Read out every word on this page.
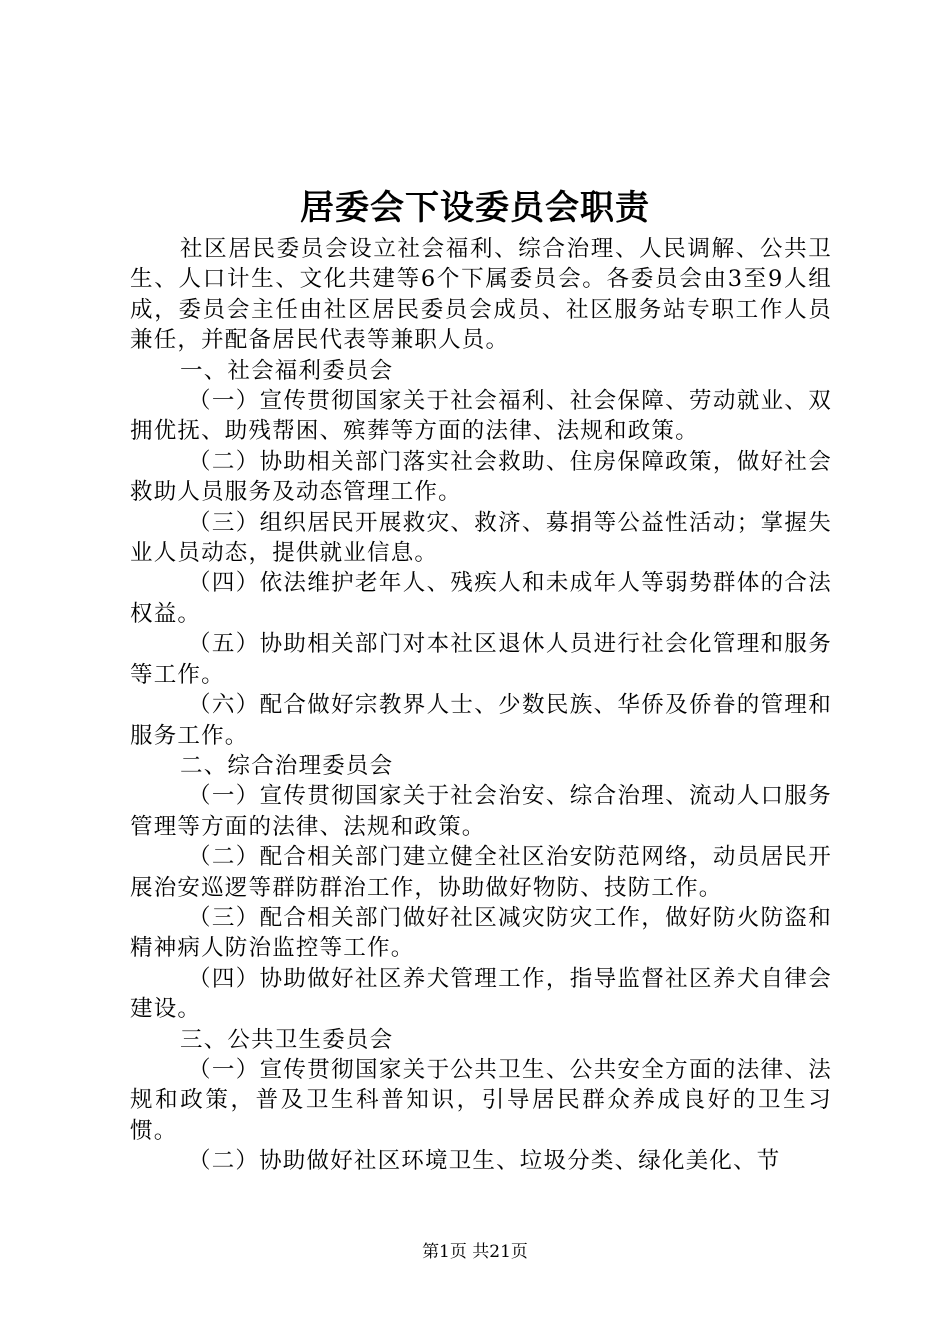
居委会下设委员会职责

社区居民委员会设立社会福利、综合治理、人民调解、公共卫生、人口计生、文化共建等6个下属委员会。各委员会由3至9人组成，委员会主任由社区居民委员会成员、社区服务站专职工作人员兼任，并配备居民代表等兼职人员。

一、社会福利委员会

（一）宣传贯彻国家关于社会福利、社会保障、劳动就业、双拥优抚、助残帮困、殡葬等方面的法律、法规和政策。

（二）协助相关部门落实社会救助、住房保障政策，做好社会救助人员服务及动态管理工作。

（三）组织居民开展救灾、救济、募捐等公益性活动；掌握失业人员动态，提供就业信息。

（四）依法维护老年人、残疾人和未成年人等弱势群体的合法权益。

（五）协助相关部门对本社区退休人员进行社会化管理和服务等工作。

（六）配合做好宗教界人士、少数民族、华侨及侨眷的管理和服务工作。

二、综合治理委员会

（一）宣传贯彻国家关于社会治安、综合治理、流动人口服务管理等方面的法律、法规和政策。

（二）配合相关部门建立健全社区治安防范网络，动员居民开展治安巡逻等群防群治工作，协助做好物防、技防工作。

（三）配合相关部门做好社区减灾防灾工作，做好防火防盗和精神病人防治监控等工作。

（四）协助做好社区养犬管理工作，指导监督社区养犬自律会建设。

三、公共卫生委员会

（一）宣传贯彻国家关于公共卫生、公共安全方面的法律、法规和政策，普及卫生科普知识，引导居民群众养成良好的卫生习惯。

（二）协助做好社区环境卫生、垃圾分类、绿化美化、节

第1页 共21页
